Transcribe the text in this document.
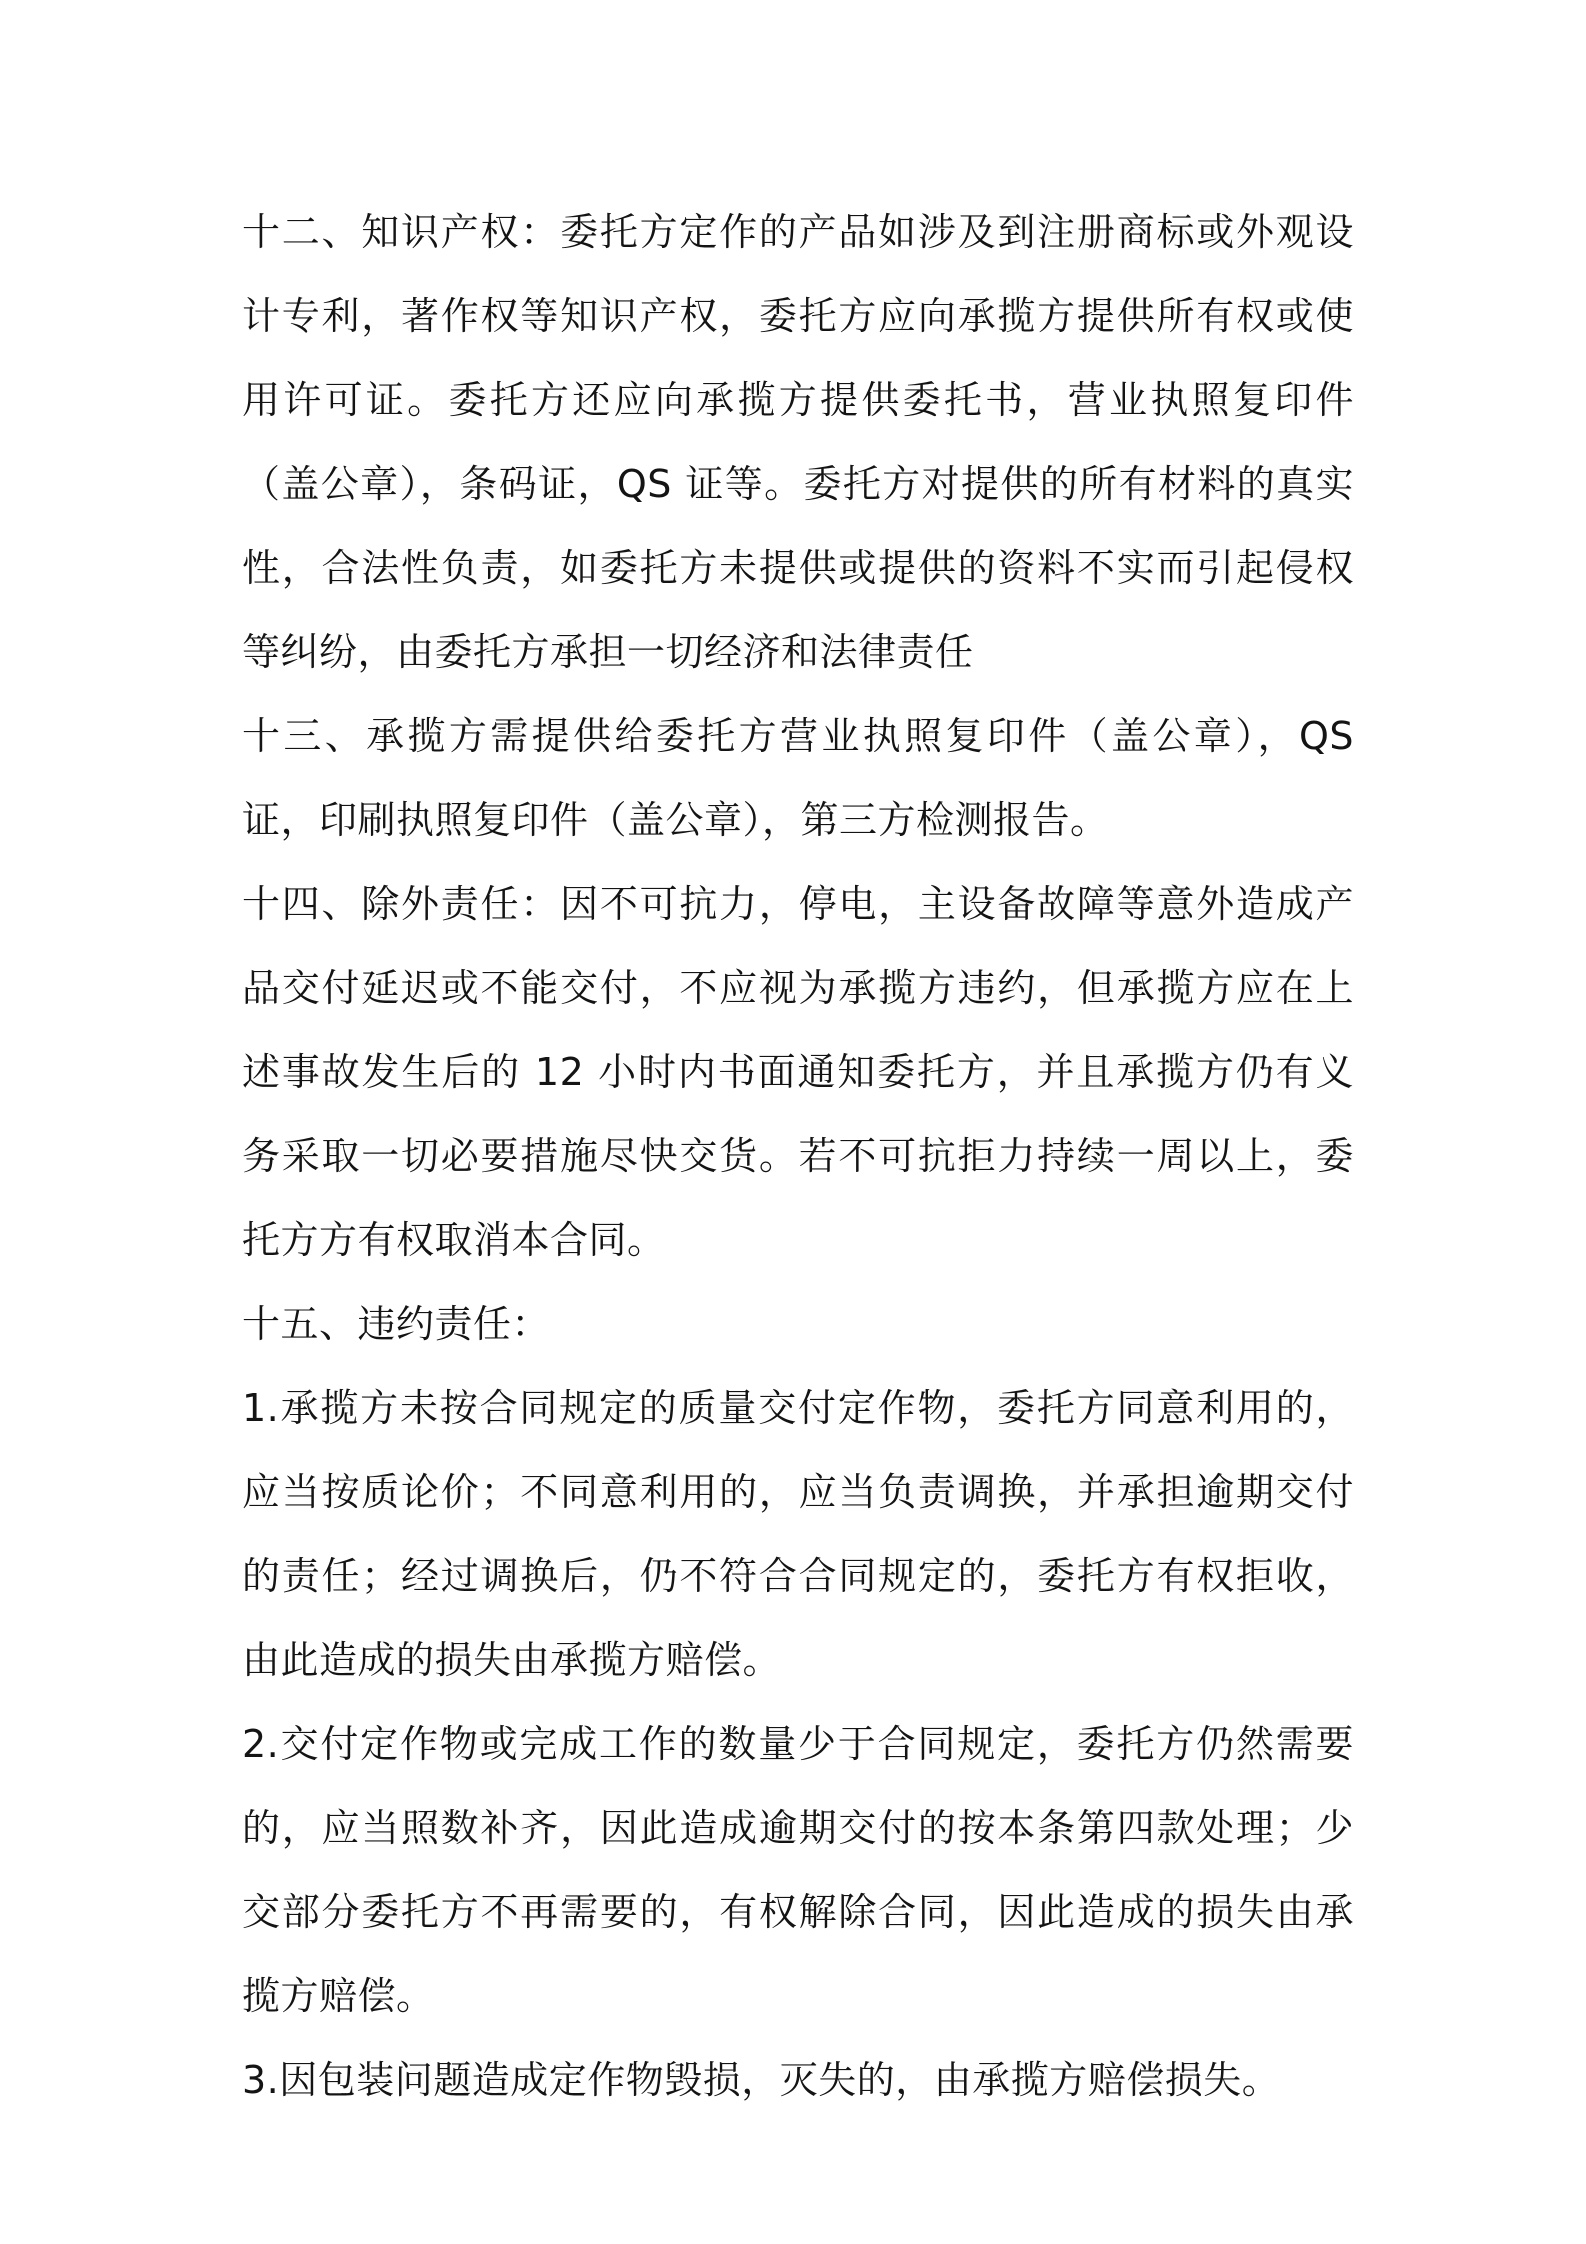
十二、知识产权：委托方定作的产品如涉及到注册商标或外观设计专利，著作权等知识产权，委托方应向承揽方提供所有权或使用许可证。委托方还应向承揽方提供委托书，营业执照复印件（盖公章），条码证，QS 证等。委托方对提供的所有材料的真实性，合法性负责，如委托方未提供或提供的资料不实而引起侵权等纠纷，由委托方承担一切经济和法律责任

十三、承揽方需提供给委托方营业执照复印件（盖公章），QS 证，印刷执照复印件（盖公章），第三方检测报告。

十四、除外责任：因不可抗力，停电，主设备故障等意外造成产品交付延迟或不能交付，不应视为承揽方违约，但承揽方应在上述事故发生后的 12 小时内书面通知委托方，并且承揽方仍有义务采取一切必要措施尽快交货。若不可抗拒力持续一周以上，委托方方有权取消本合同。

十五、违约责任：

1.承揽方未按合同规定的质量交付定作物，委托方同意利用的，应当按质论价；不同意利用的，应当负责调换，并承担逾期交付的责任；经过调换后，仍不符合合同规定的，委托方有权拒收，由此造成的损失由承揽方赔偿。

2.交付定作物或完成工作的数量少于合同规定，委托方仍然需要的，应当照数补齐，因此造成逾期交付的按本条第四款处理；少交部分委托方不再需要的，有权解除合同，因此造成的损失由承揽方赔偿。

3.因包装问题造成定作物毁损，灭失的，由承揽方赔偿损失。
